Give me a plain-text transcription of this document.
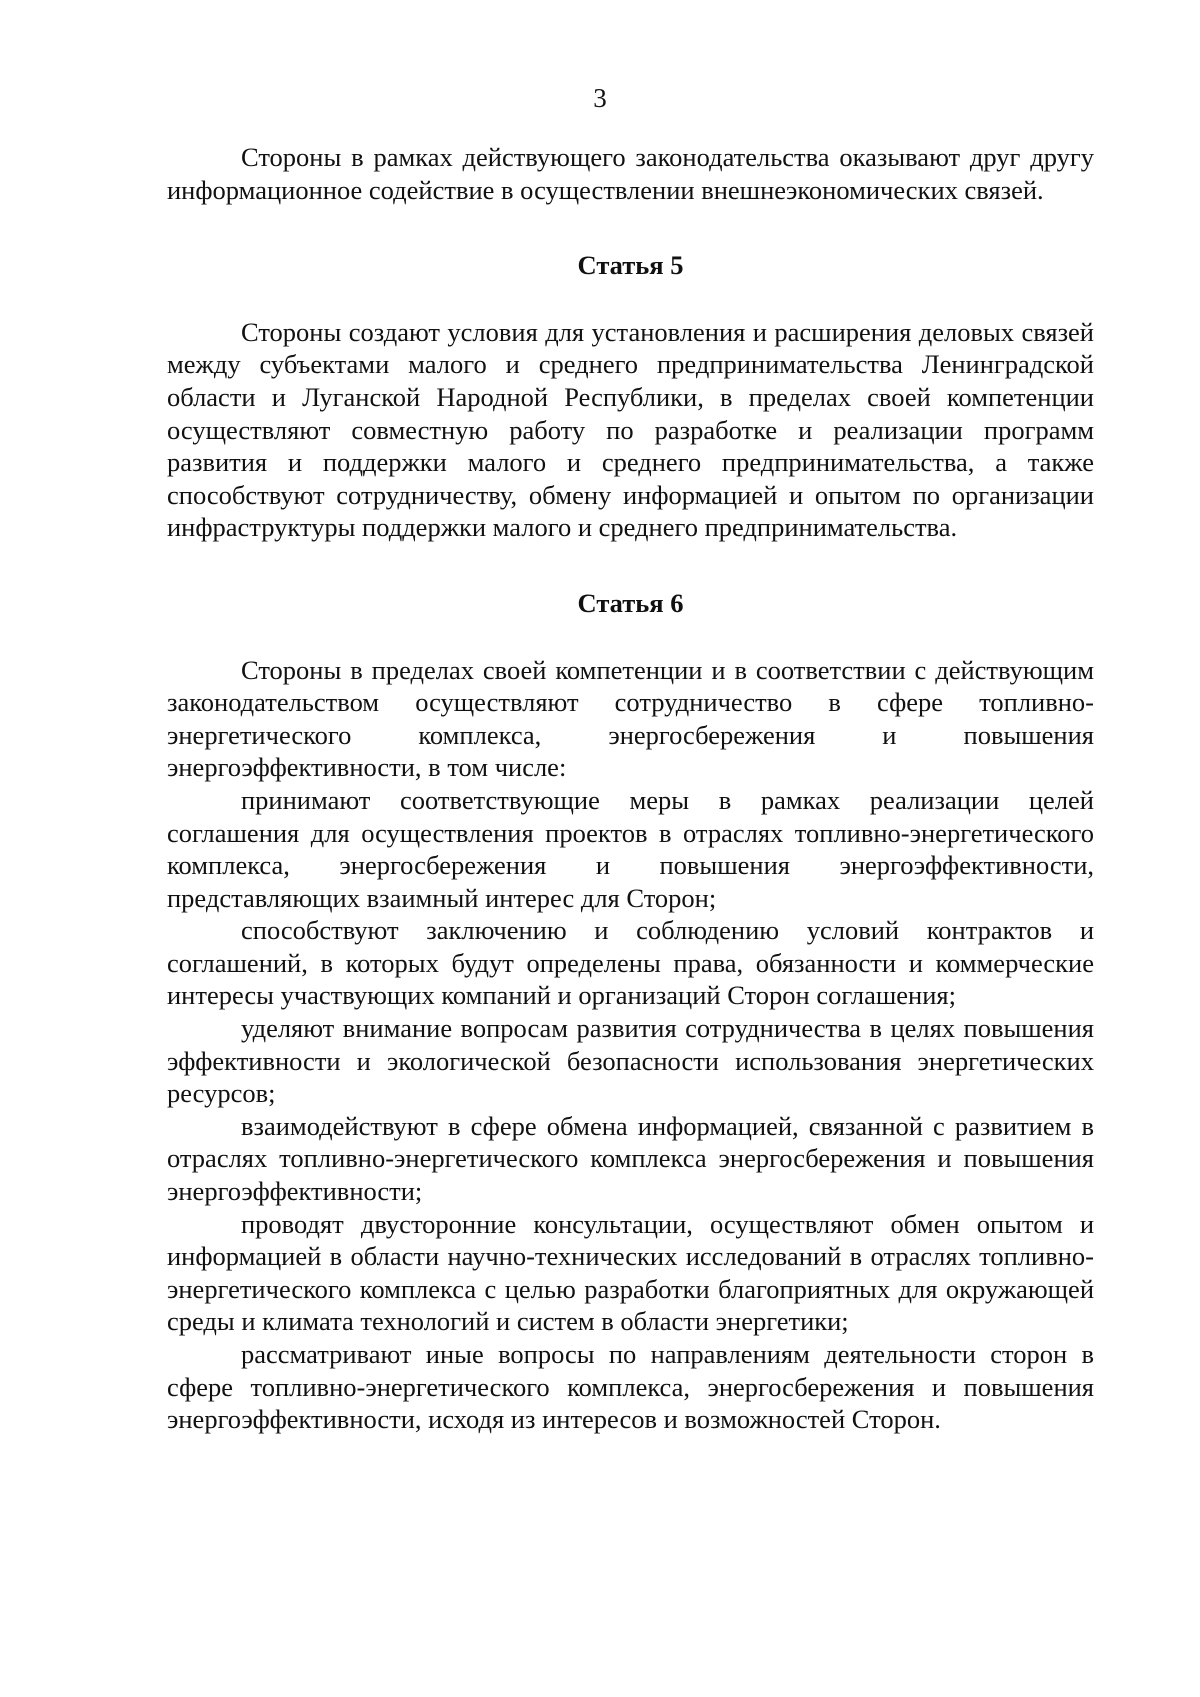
3

Стороны в рамках действующего законодательства оказывают друг другу информационное содействие в осуществлении внешнеэкономических связей.

Статья 5

Стороны создают условия для установления и расширения деловых связей между субъектами малого и среднего предпринимательства Ленинградской области и Луганской Народной Республики, в пределах своей компетенции осуществляют совместную работу по разработке и реализации программ развития и поддержки малого и среднего предпринимательства, а также способствуют сотрудничеству, обмену информацией и опытом по организации инфраструктуры поддержки малого и среднего предпринимательства.

Статья 6

Стороны в пределах своей компетенции и в соответствии с действующим законодательством осуществляют сотрудничество в сфере топливно-энергетического комплекса, энергосбережения и повышения энергоэффективности, в том числе:

принимают соответствующие меры в рамках реализации целей соглашения для осуществления проектов в отраслях топливно-энергетического комплекса, энергосбережения и повышения энергоэффективности, представляющих взаимный интерес для Сторон;

способствуют заключению и соблюдению условий контрактов и соглашений, в которых будут определены права, обязанности и коммерческие интересы участвующих компаний и организаций Сторон соглашения;

уделяют внимание вопросам развития сотрудничества в целях повышения эффективности и экологической безопасности использования энергетических ресурсов;

взаимодействуют в сфере обмена информацией, связанной с развитием в отраслях топливно-энергетического комплекса энергосбережения и повышения энергоэффективности;

проводят двусторонние консультации, осуществляют обмен опытом и информацией в области научно-технических исследований в отраслях топливно-энергетического комплекса с целью разработки благоприятных для окружающей среды и климата технологий и систем в области энергетики;

рассматривают иные вопросы по направлениям деятельности сторон в сфере топливно-энергетического комплекса, энергосбережения и повышения энергоэффективности, исходя из интересов и возможностей Сторон.
